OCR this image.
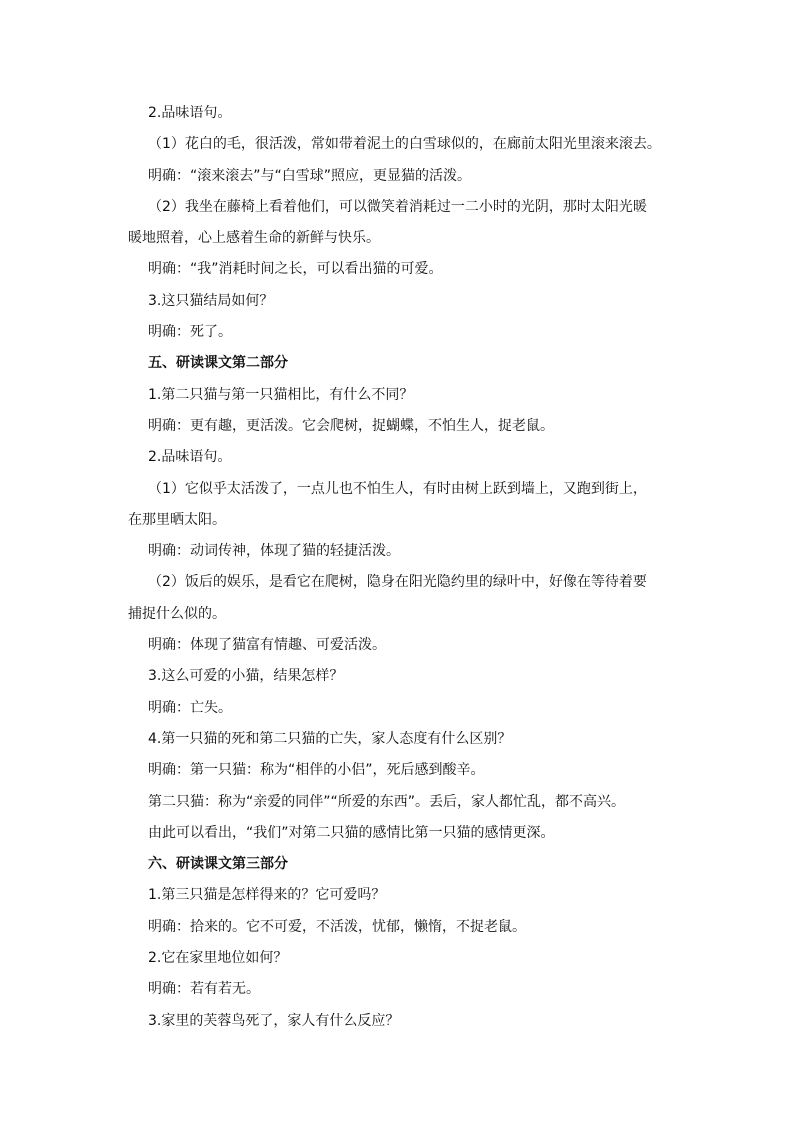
2.品味语句。
（1）花白的毛，很活泼，常如带着泥土的白雪球似的，在廊前太阳光里滚来滚去。
明确：“滚来滚去”与“白雪球”照应，更显猫的活泼。
（2）我坐在藤椅上看着他们，可以微笑着消耗过一二小时的光阴，那时太阳光暖暖地照着，心上感着生命的新鲜与快乐。
明确：“我”消耗时间之长，可以看出猫的可爱。
3.这只猫结局如何？
明确：死了。
五、研读课文第二部分
1.第二只猫与第一只猫相比，有什么不同？
明确：更有趣，更活泼。它会爬树，捉蝴蝶，不怕生人，捉老鼠。
2.品味语句。
（1）它似乎太活泼了，一点儿也不怕生人，有时由树上跃到墙上，又跑到街上，在那里晒太阳。
明确：动词传神，体现了猫的轻捷活泼。
（2）饭后的娱乐，是看它在爬树，隐身在阳光隐约里的绿叶中，好像在等待着要捕捉什么似的。
明确：体现了猫富有情趣、可爱活泼。
3.这么可爱的小猫，结果怎样？
明确：亡失。
4.第一只猫的死和第二只猫的亡失，家人态度有什么区别？
明确：第一只猫：称为“相伴的小侣”，死后感到酸辛。
第二只猫：称为“亲爱的同伴”“所爱的东西”。丢后，家人都忙乱，都不高兴。
由此可以看出，“我们”对第二只猫的感情比第一只猫的感情更深。
六、研读课文第三部分
1.第三只猫是怎样得来的？它可爱吗？
明确：拾来的。它不可爱，不活泼，忧郁，懒惰，不捉老鼠。
2.它在家里地位如何？
明确：若有若无。
3.家里的芙蓉鸟死了，家人有什么反应？
